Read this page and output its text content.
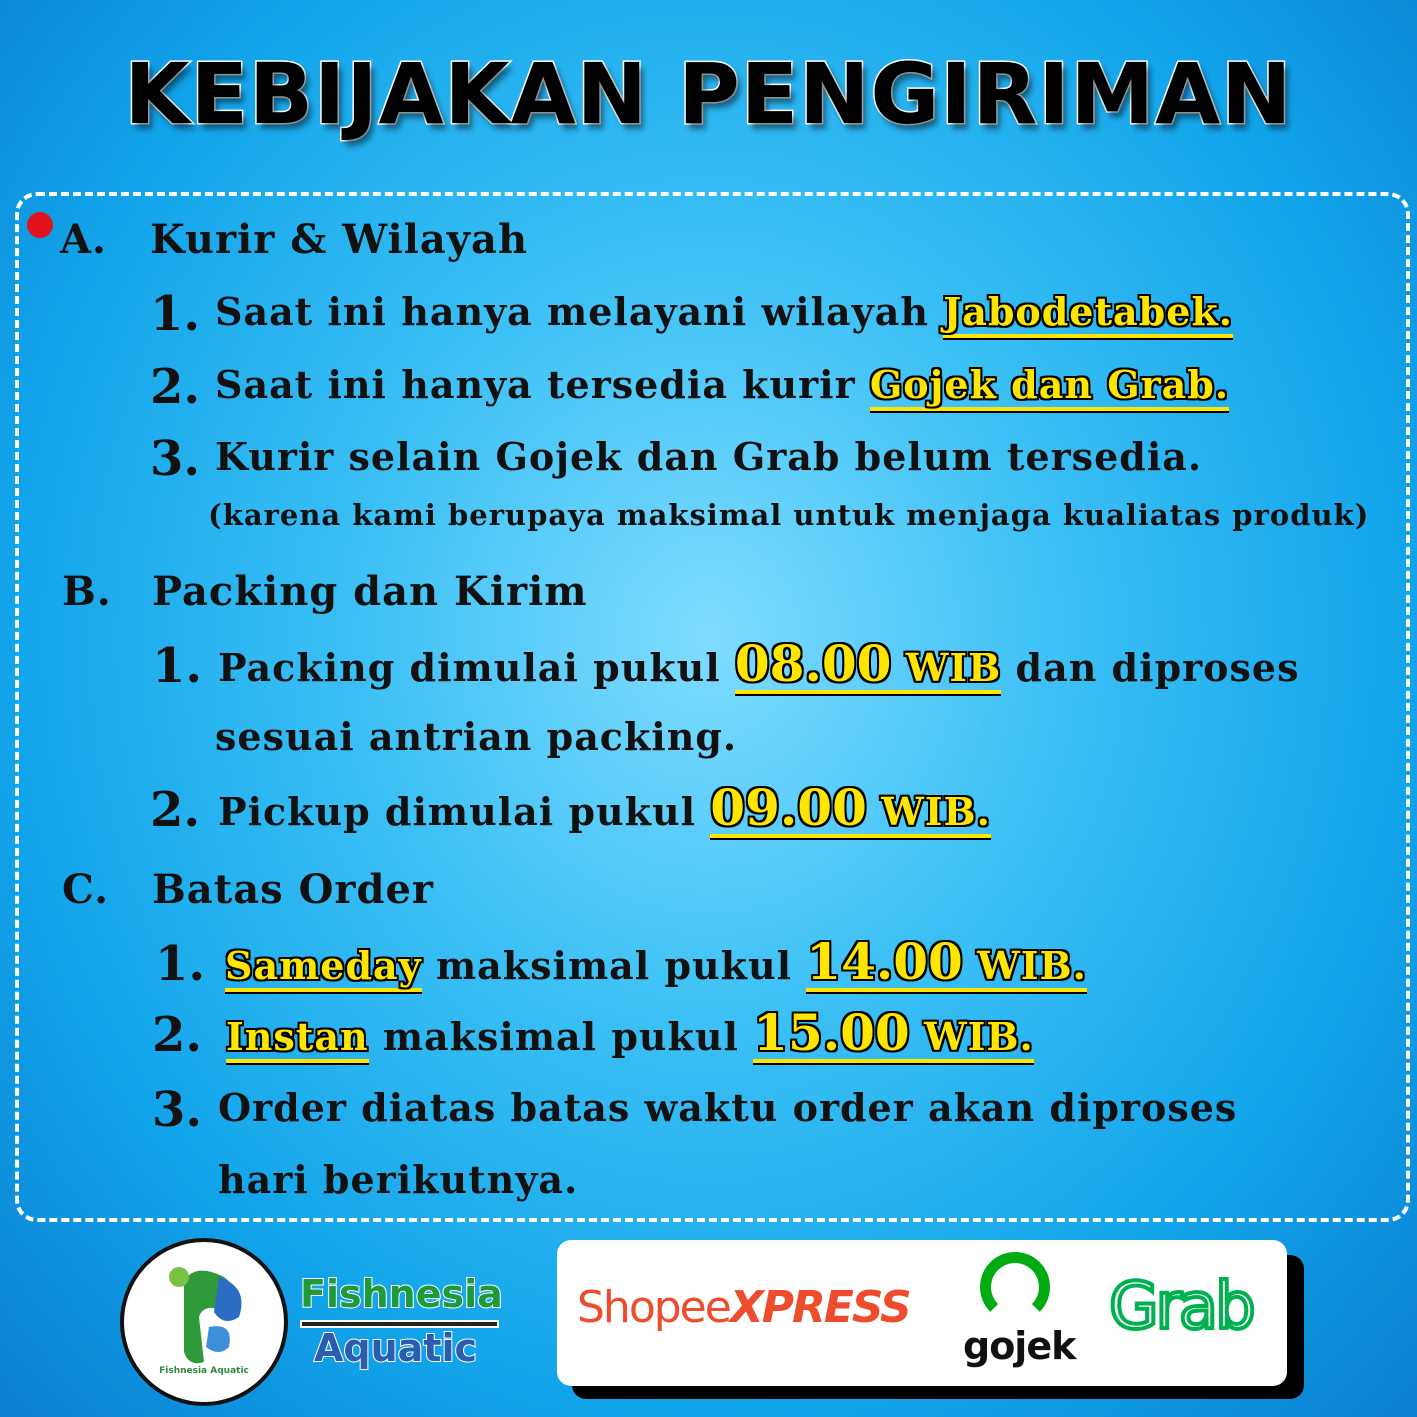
KEBIJAKAN PENGIRIMAN
A. Kurir & Wilayah
1. Saat ini hanya melayani wilayah Jabodetabek.
2. Saat ini hanya tersedia kurir Gojek dan Grab.
3. Kurir selain Gojek dan Grab belum tersedia.
(karena kami berupaya maksimal untuk menjaga kualiatas produk)
B. Packing dan Kirim
1. Packing dimulai pukul 08.00 WIB dan diproses
sesuai antrian packing.
2. Pickup dimulai pukul 09.00 WIB.
C. Batas Order
1. Sameday maksimal pukul 14.00 WIB.
2. Instan maksimal pukul 15.00 WIB.
3. Order diatas batas waktu order akan diproses
hari berikutnya.
Fishnesia Aquatic
Fishnesia
Aquatic
ShopeeXPRESS
gojek
Grab
